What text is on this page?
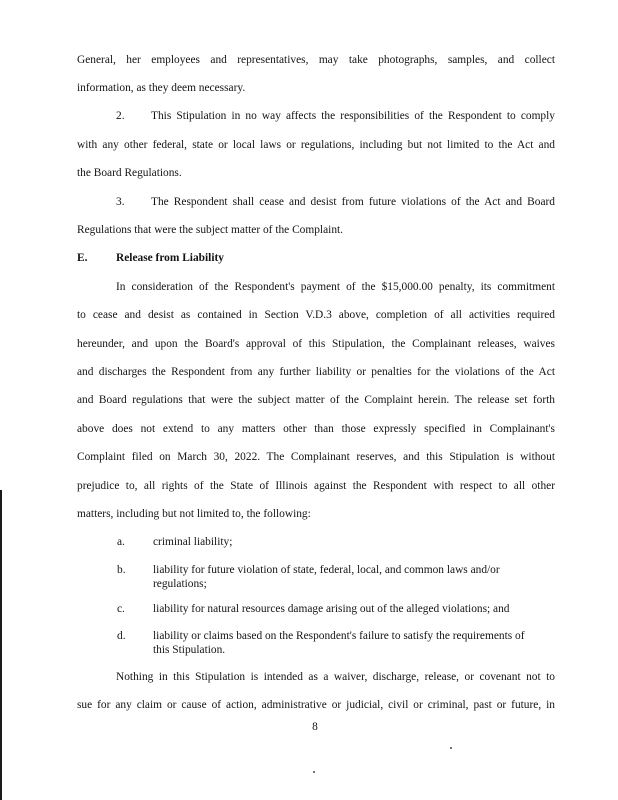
General, her employees and representatives, may take photographs, samples, and collect
information, as they deem necessary.
2. This Stipulation in no way affects the responsibilities of the Respondent to comply
with any other federal, state or local laws or regulations, including but not limited to the Act and
the Board Regulations.
3. The Respondent shall cease and desist from future violations of the Act and Board
Regulations that were the subject matter of the Complaint.
E.	Release from Liability
In consideration of the Respondent's payment of the $15,000.00 penalty, its commitment
to cease and desist as contained in Section V.D.3 above, completion of all activities required
hereunder, and upon the Board's approval of this Stipulation, the Complainant releases, waives
and discharges the Respondent from any further liability or penalties for the violations of the Act
and Board regulations that were the subject matter of the Complaint herein. The release set forth
above does not extend to any matters other than those expressly specified in Complainant's
Complaint filed on March 30, 2022. The Complainant reserves, and this Stipulation is without
prejudice to, all rights of the State of Illinois against the Respondent with respect to all other
matters, including but not limited to, the following:
a. criminal liability;
b. liability for future violation of state, federal, local, and common laws and/or
regulations;
c. liability for natural resources damage arising out of the alleged violations; and
d. liability or claims based on the Respondent's failure to satisfy the requirements of
this Stipulation.
Nothing in this Stipulation is intended as a waiver, discharge, release, or covenant not to
sue for any claim or cause of action, administrative or judicial, civil or criminal, past or future, in
8
